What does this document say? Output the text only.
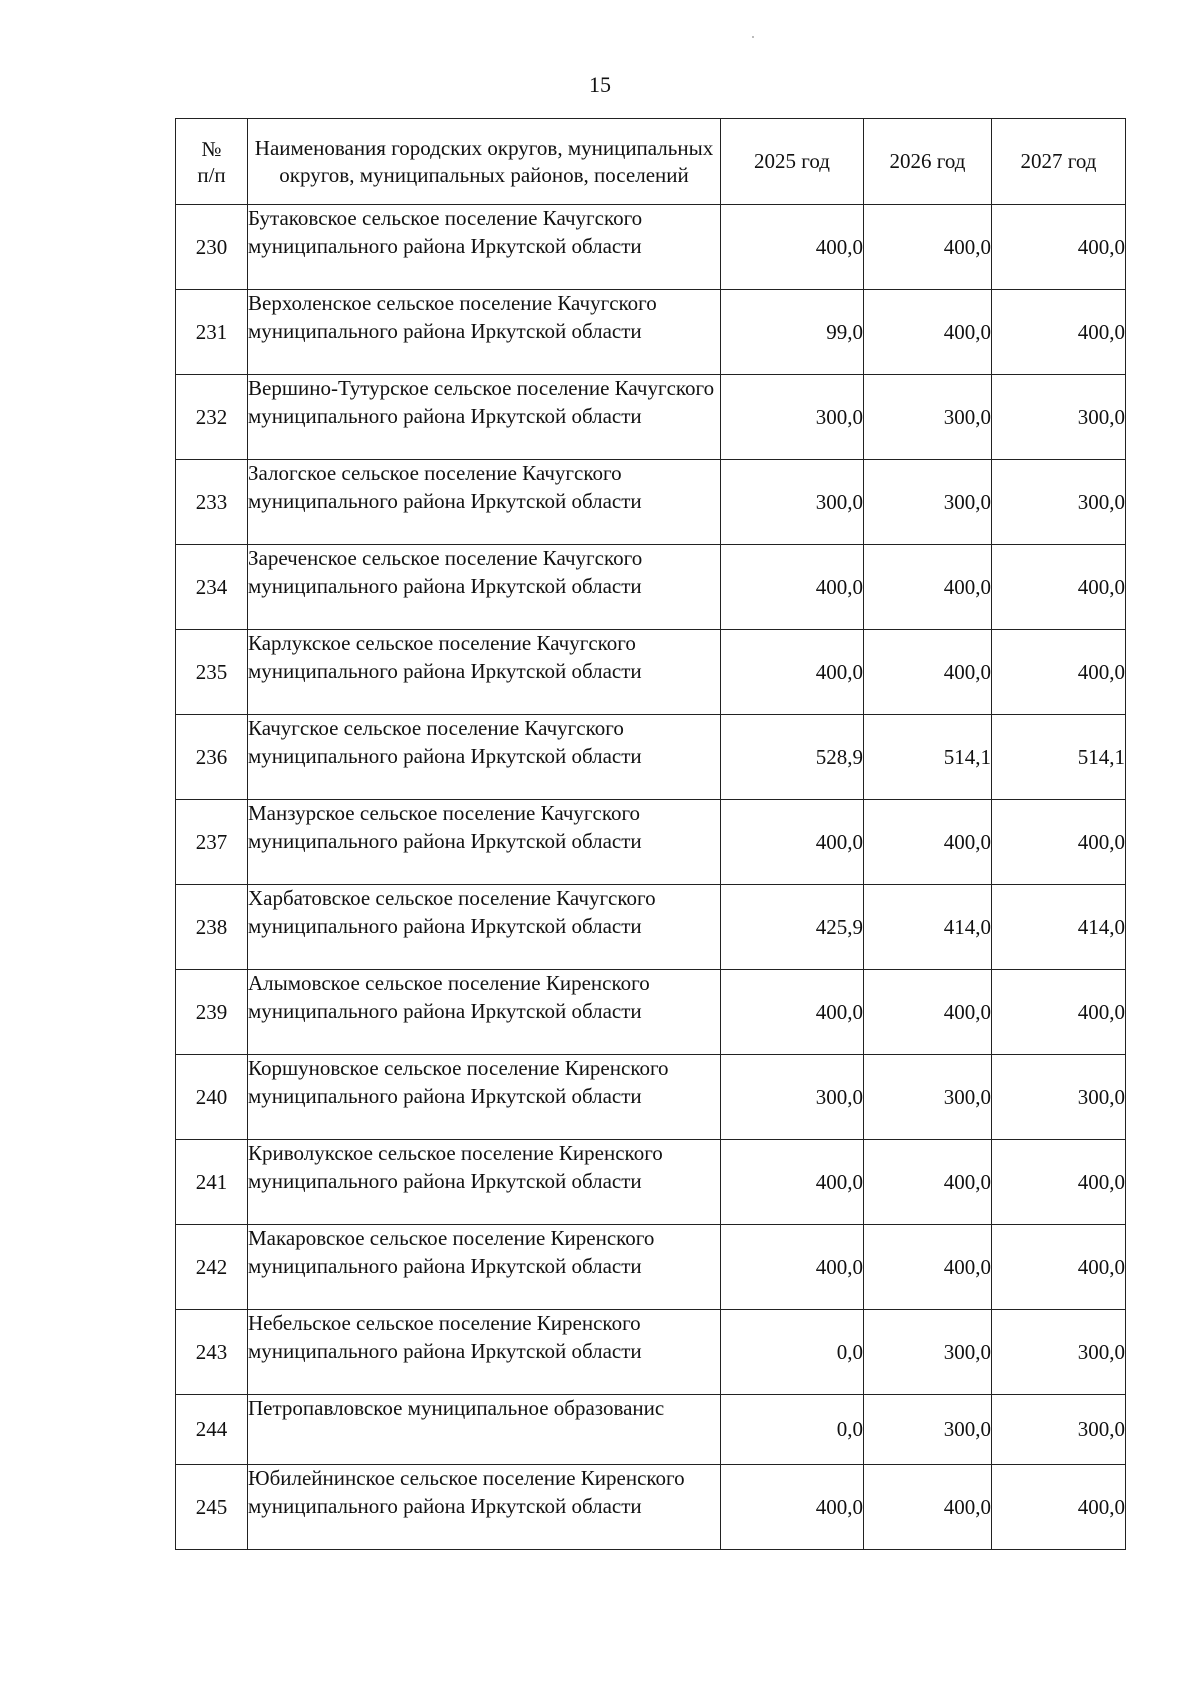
15
№
п/п	Наименования городских округов, муниципальных округов, муниципальных районов, поселений	2025 год	2026 год	2027 год
230	Бутаковское сельское поселение Качугского муниципального района Иркутской области	400,0	400,0	400,0
231	Верхоленское сельское поселение Качугского муниципального района Иркутской области	99,0	400,0	400,0
232	Вершино-Тутурское сельское поселение Качугского муниципального района Иркутской области	300,0	300,0	300,0
233	Залогское сельское поселение Качугского муниципального района Иркутской области	300,0	300,0	300,0
234	Зареченское сельское поселение Качугского муниципального района Иркутской области	400,0	400,0	400,0
235	Карлукское сельское поселение Качугского муниципального района Иркутской области	400,0	400,0	400,0
236	Качугское сельское поселение Качугского муниципального района Иркутской области	528,9	514,1	514,1
237	Манзурское сельское поселение Качугского муниципального района Иркутской области	400,0	400,0	400,0
238	Харбатовское сельское поселение Качугского муниципального района Иркутской области	425,9	414,0	414,0
239	Алымовское сельское поселение Киренского муниципального района Иркутской области	400,0	400,0	400,0
240	Коршуновское сельское поселение Киренского муниципального района Иркутской области	300,0	300,0	300,0
241	Криволукское сельское поселение Киренского муниципального района Иркутской области	400,0	400,0	400,0
242	Макаровское сельское поселение Киренского муниципального района Иркутской области	400,0	400,0	400,0
243	Небельское сельское поселение Киренского муниципального района Иркутской области	0,0	300,0	300,0
244	Петропавловское муниципальное образованис	0,0	300,0	300,0
245	Юбилейнинское сельское поселение Киренского муниципального района Иркутской области	400,0	400,0	400,0
